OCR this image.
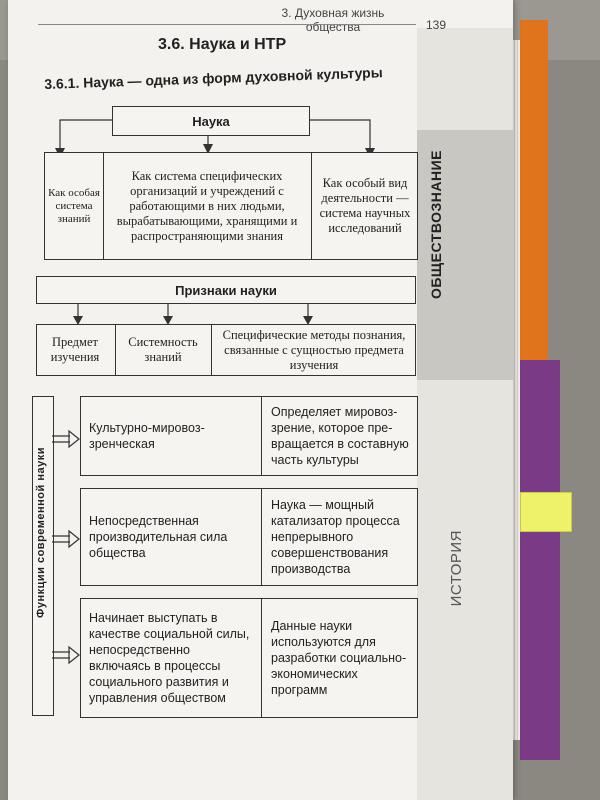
ОБЩЕСТВОЗНАНИЕ
ИСТОРИЯ
3. Духовная жизнь общества	139
3.6. Наука и НТР
3.6.1. Наука — одна из форм духовной культуры
Наука
Как особая система знаний
Как система специфических организаций и учреждений с работающими в них людьми, вырабатывающими, хранящими и распространяющими знания
Как особый вид деятельности — система научных исследований
Признаки науки
Предмет изучения
Системность знаний
Специфические методы познания, связанные с сущностью предмета изучения
Функции современной науки
Культурно-мировоззренческая
Определяет мировоззрение, которое превращается в составную часть культуры
Непосредственная производительная сила общества
Наука — мощный катализатор процесса непрерывного совершенствования производства
Начинает выступать в качестве социальной силы, непосредственно включаясь в процессы социального развития и управления обществом
Данные науки используются для разработки социально-экономических программ
